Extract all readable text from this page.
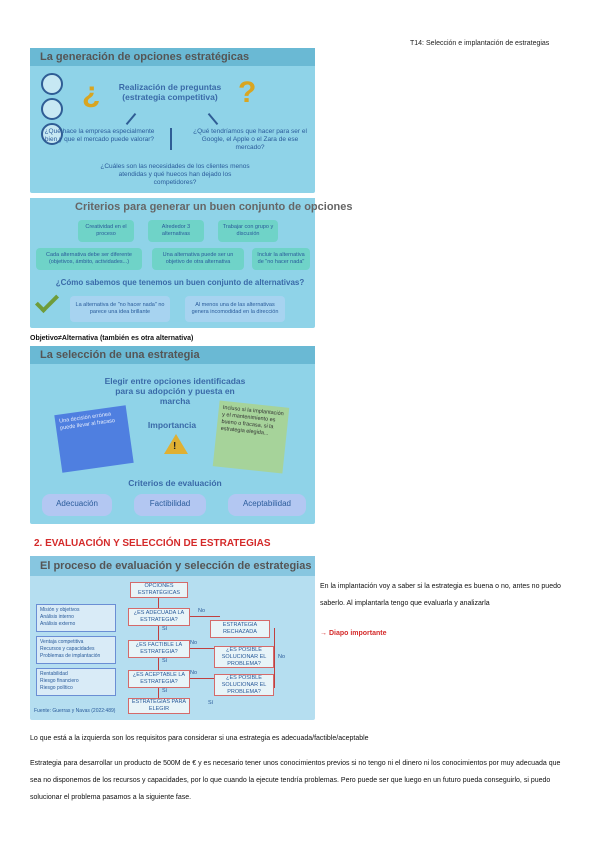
T14: Selección e implantación de estrategias
La generación de opciones estratégicas
¿	?
Realización de preguntas
(estrategia competitiva)
¿Qué hace la empresa especialmente bien y que el mercado puede valorar?
¿Qué tendríamos que hacer para ser el Google, el Apple o el Zara de ese mercado?
¿Cuáles son las necesidades de los clientes menos atendidas y qué huecos han dejado los competidores?
Criterios para generar un buen conjunto de opciones
Creatividad en el proceso
Alrededor 3 alternativas
Trabajar con grupo y discusión
Cada alternativa debe ser diferente (objetivos, ámbito, actividades...)
Una alternativa puede ser un objetivo de otra alternativa
Incluir la alternativa de "no hacer nada"
¿Cómo sabemos que tenemos un buen conjunto de alternativas?
La alternativa de "no hacer nada" no parece una idea brillante
Al menos una de las alternativas genera incomodidad en la dirección
Objetivo≠Alternativa (también es otra alternativa)
La selección de una estrategia
Elegir entre opciones identificadas para su adopción y puesta en marcha
Una decisión errónea puede llevar al fracaso	Importancia
!
Incluso si la implantación y el mantenimiento es bueno o fracasa, si la estrategia elegida...
Criterios de evaluación
Adecuación	Factibilidad	Aceptabilidad
2. EVALUACIÓN Y SELECCIÓN DE ESTRATEGIAS
El proceso de evaluación y selección de estrategias
OPCIONES ESTRATÉGICAS
¿ES ADECUADA LA ESTRATEGIA?
Sí
¿ES FACTIBLE LA ESTRATEGIA?
Sí
¿ES ACEPTABLE LA ESTRATEGIA?
Sí
ESTRATEGIAS PARA ELEGIR
No
ESTRATEGIA RECHAZADA
No
¿ES POSIBLE SOLUCIONAR EL PROBLEMA?
No
¿ES POSIBLE SOLUCIONAR EL PROBLEMA?
No
Sí
Misión y objetivos
Análisis interno
Análisis externo
Ventaja competitiva
Recursos y capacidades
Problemas de implantación
Rentabilidad
Riesgo financiero
Riesgo político
Fuente: Guerras y Navas (2022:489)
En la implantación voy a saber si la estrategia es buena o no, antes no puedo saberlo. Al implantarla tengo que evaluarla y analizarla
→ Diapo importante
Lo que está a la izquierda son los requisitos para considerar si una estrategia es adecuada/factible/aceptable
Estrategia para desarrollar un producto de 500M de € y es necesario tener unos conocimientos previos si no tengo ni el dinero ni los conocimientos por muy adecuada que sea no disponemos de los recursos y capacidades, por lo que cuando la ejecute tendría problemas. Pero puede ser que luego en un futuro pueda conseguirlo, si puedo solucionar el problema pasamos a la siguiente fase.
